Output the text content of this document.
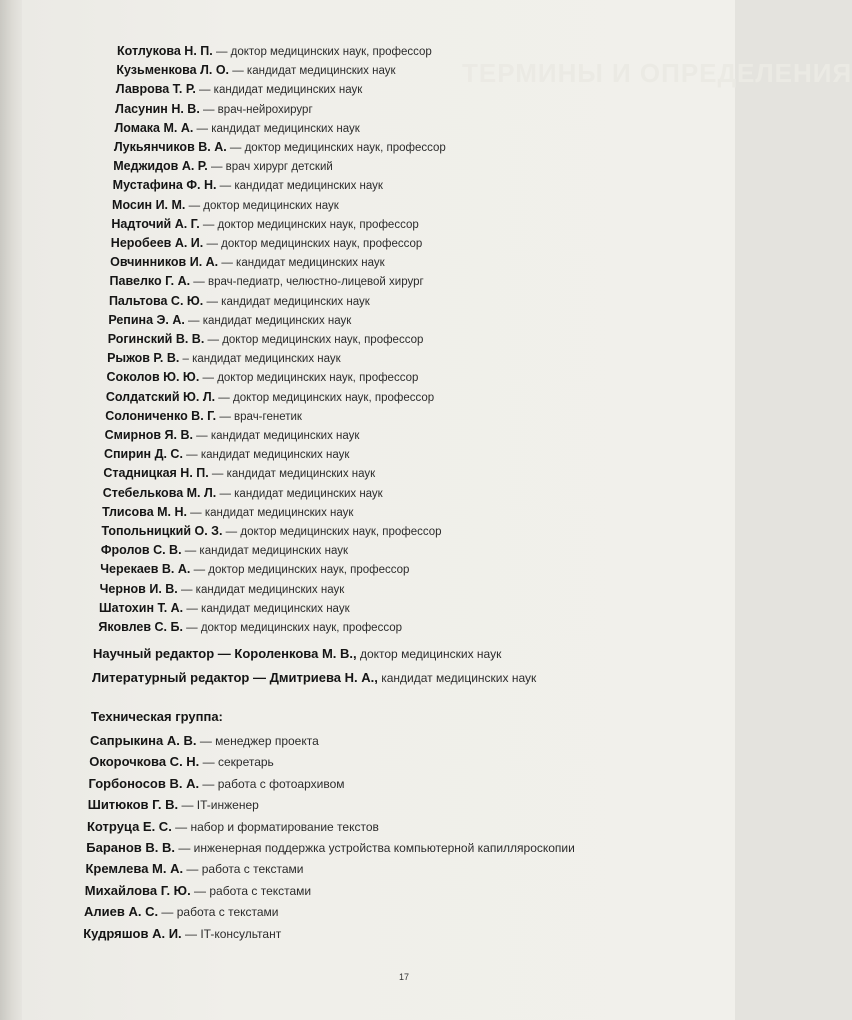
ТЕРМИНЫ И ОПРЕДЕЛЕНИЯ
Котлукова Н. П. — доктор медицинских наук, профессор
Кузьменкова Л. О. — кандидат медицинских наук
Лаврова Т. Р. — кандидат медицинских наук
Ласунин Н. В. — врач-нейрохирург
Ломака М. А. — кандидат медицинских наук
Лукьянчиков В. А. — доктор медицинских наук, профессор
Меджидов А. Р. — врач хирург детский
Мустафина Ф. Н. — кандидат медицинских наук
Мосин И. М. — доктор медицинских наук
Надточий А. Г. — доктор медицинских наук, профессор
Неробеев А. И. — доктор медицинских наук, профессор
Овчинников И. А. — кандидат медицинских наук
Павелко Г. А. — врач-педиатр, челюстно-лицевой хирург
Пальтова С. Ю. — кандидат медицинских наук
Репина Э. А. — кандидат медицинских наук
Рогинский В. В. — доктор медицинских наук, профессор
Рыжов Р. В. – кандидат медицинских наук
Соколов Ю. Ю. — доктор медицинских наук, профессор
Солдатский Ю. Л. — доктор медицинских наук, профессор
Солониченко В. Г. — врач-генетик
Смирнов Я. В. — кандидат медицинских наук
Спирин Д. С. — кандидат медицинских наук
Стадницкая Н. П. — кандидат медицинских наук
Стебелькова М. Л. — кандидат медицинских наук
Тлисова М. Н. — кандидат медицинских наук
Топольницкий О. З. — доктор медицинских наук, профессор
Фролов С. В. — кандидат медицинских наук
Черекаев В. А. — доктор медицинских наук, профессор
Чернов И. В. — кандидат медицинских наук
Шатохин Т. А. — кандидат медицинских наук
Яковлев С. Б. — доктор медицинских наук, профессор
Научный редактор — Короленкова М. В., доктор медицинских наук
Литературный редактор — Дмитриева Н. А., кандидат медицинских наук
Сапрыкина А. В. — менеджер проекта
Окорочкова С. Н. — секретарь
Горбоносов В. А. — работа с фотоархивом
Шитюков Г. В. — IT-инженер
Котруца Е. С. — набор и форматирование текстов
Баранов В. В. — инженерная поддержка устройства компьютерной капилляроскопии
Кремлева М. А. — работа с текстами
Михайлова Г. Ю. — работа с текстами
Алиев А. С. — работа с текстами
Кудряшов А. И. — IT-консультант
Техническая группа:
17
